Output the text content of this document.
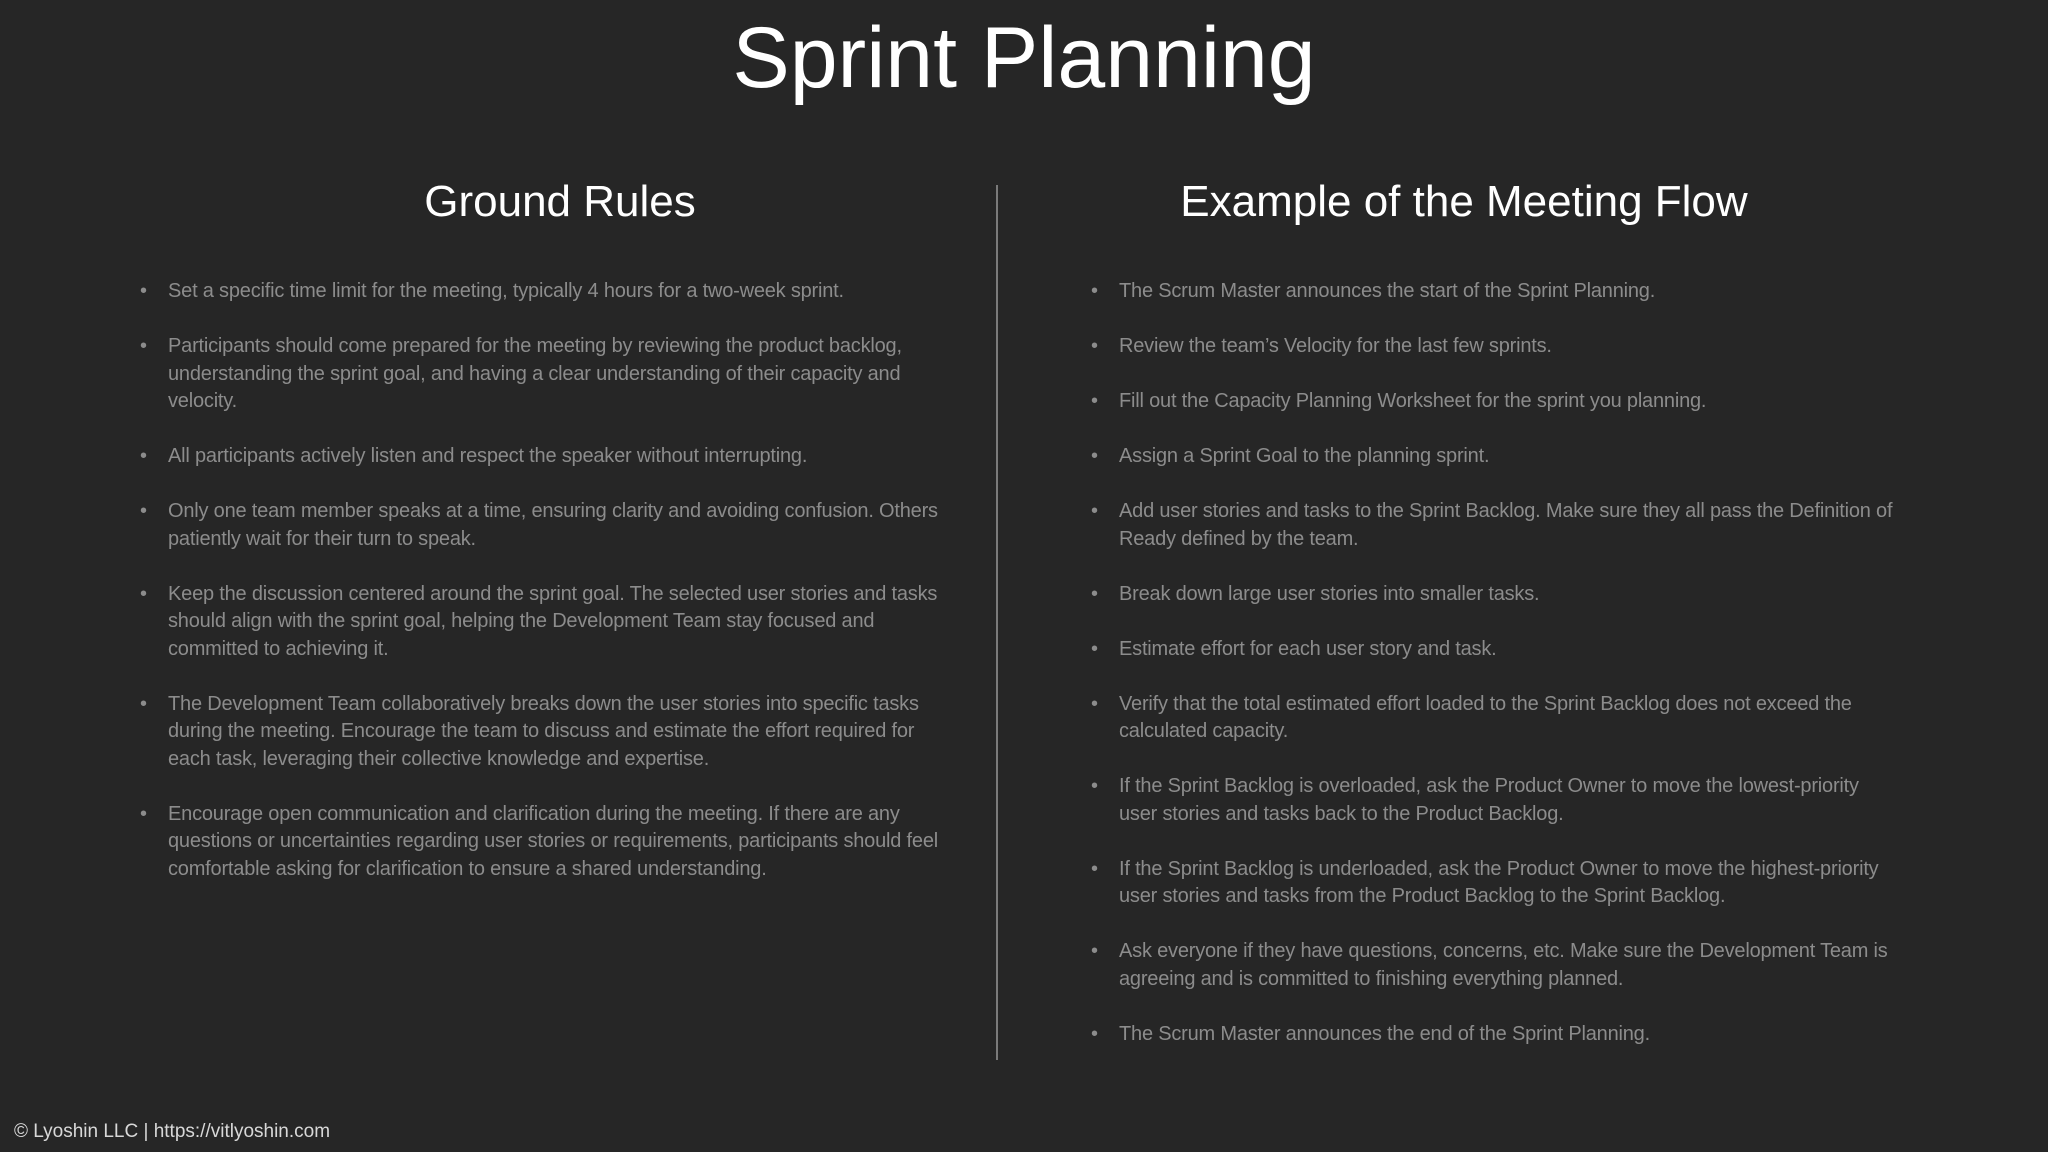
Sprint Planning
Ground Rules	Example of the Meeting Flow
• Set a specific time limit for the meeting, typically 4 hours for a two-week sprint.
• Participants should come prepared for the meeting by reviewing the product backlog, understanding the sprint goal, and having a clear understanding of their capacity and velocity.
• All participants actively listen and respect the speaker without interrupting.
• Only one team member speaks at a time, ensuring clarity and avoiding confusion. Others patiently wait for their turn to speak.
• Keep the discussion centered around the sprint goal. The selected user stories and tasks should align with the sprint goal, helping the Development Team stay focused and committed to achieving it.
• The Development Team collaboratively breaks down the user stories into specific tasks during the meeting. Encourage the team to discuss and estimate the effort required for each task, leveraging their collective knowledge and expertise.
• Encourage open communication and clarification during the meeting. If there are any questions or uncertainties regarding user stories or requirements, participants should feel comfortable asking for clarification to ensure a shared understanding.
• The Scrum Master announces the start of the Sprint Planning.
• Review the team’s Velocity for the last few sprints.
• Fill out the Capacity Planning Worksheet for the sprint you planning.
• Assign a Sprint Goal to the planning sprint.
• Add user stories and tasks to the Sprint Backlog. Make sure they all pass the Definition of Ready defined by the team.
• Break down large user stories into smaller tasks.
• Estimate effort for each user story and task.
• Verify that the total estimated effort loaded to the Sprint Backlog does not exceed the calculated capacity.
• If the Sprint Backlog is overloaded, ask the Product Owner to move the lowest-priority user stories and tasks back to the Product Backlog.
• If the Sprint Backlog is underloaded, ask the Product Owner to move the highest-priority user stories and tasks from the Product Backlog to the Sprint Backlog.
• Ask everyone if they have questions, concerns, etc. Make sure the Development Team is agreeing and is committed to finishing everything planned.
• The Scrum Master announces the end of the Sprint Planning.
© Lyoshin LLC | https://vitlyoshin.com
